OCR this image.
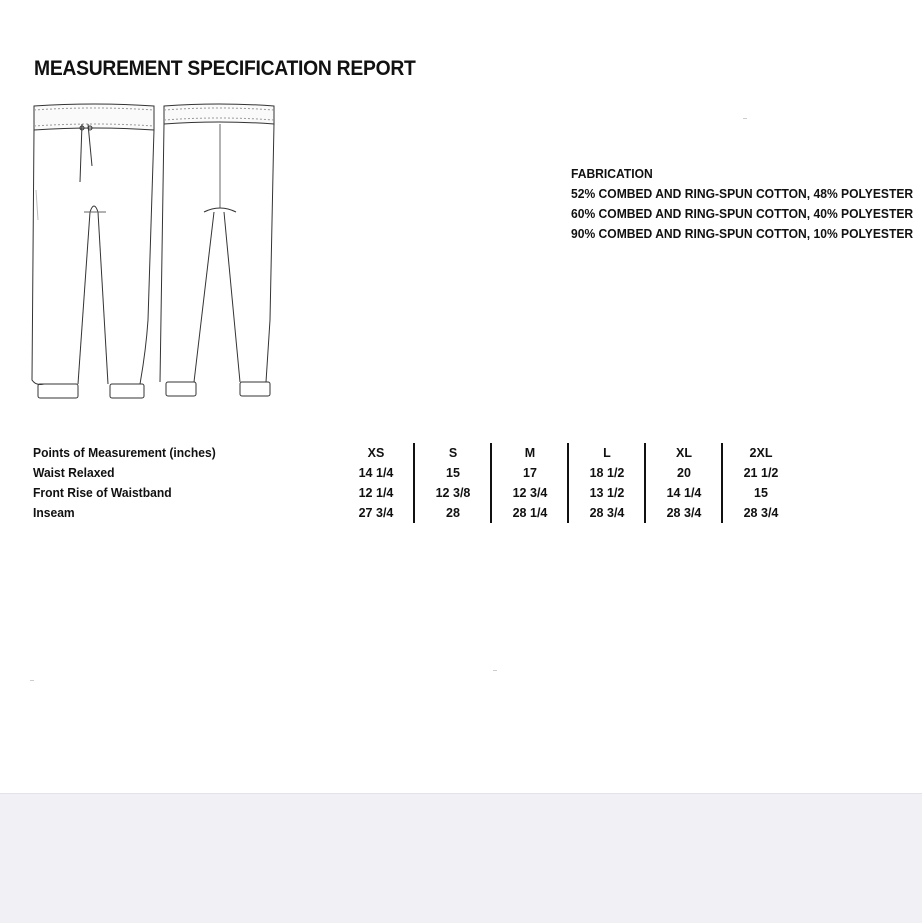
MEASUREMENT SPECIFICATION REPORT
FABRICATION
52% COMBED AND RING-SPUN COTTON, 48% POLYESTER
60% COMBED AND RING-SPUN COTTON, 40% POLYESTER
90% COMBED AND RING-SPUN COTTON, 10% POLYESTER
Points of Measurement (inches)
Waist Relaxed
Front Rise of Waistband
Inseam
XS
14 1/4
12 1/4
27 3/4
S
15
12 3/8
28
M
17
12 3/4
28 1/4
L
18 1/2
13 1/2
28 3/4
XL
20
14 1/4
28 3/4
2XL
21 1/2
15
28 3/4
